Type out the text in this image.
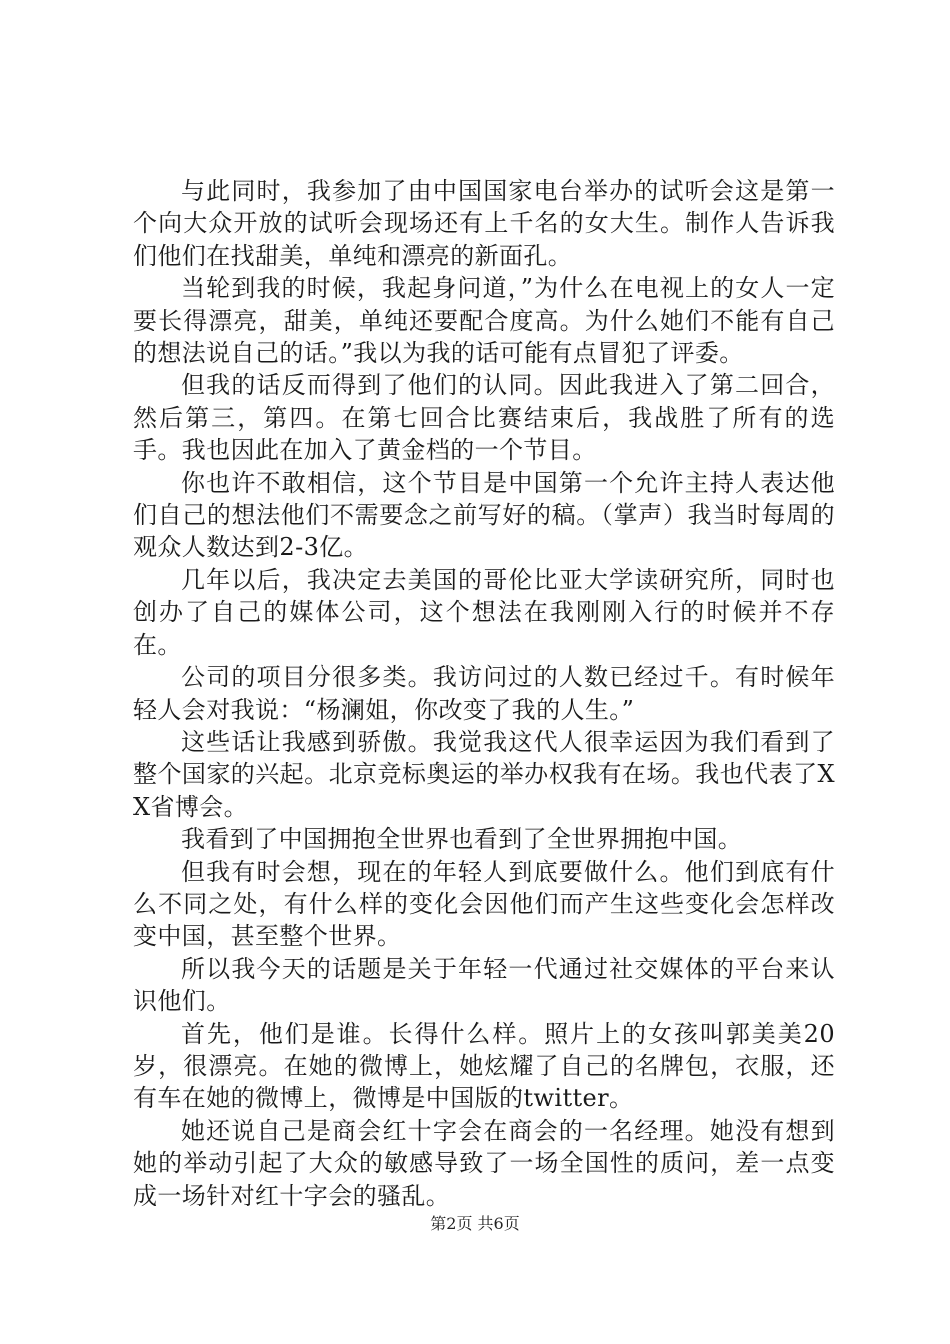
与此同时，我参加了由中国国家电台举办的试听会这是第一个向大众开放的试听会现场还有上千名的女大生。制作人告诉我们他们在找甜美，单纯和漂亮的新面孔。

当轮到我的时候，我起身问道，”为什么在电视上的女人一定要长得漂亮，甜美，单纯还要配合度高。为什么她们不能有自己的想法说自己的话。”我以为我的话可能有点冒犯了评委。

但我的话反而得到了他们的认同。因此我进入了第二回合，然后第三，第四。在第七回合比赛结束后，我战胜了所有的选手。我也因此在加入了黄金档的一个节目。

你也许不敢相信，这个节目是中国第一个允许主持人表达他们自己的想法他们不需要念之前写好的稿。（掌声）我当时每周的观众人数达到2-3亿。

几年以后，我决定去美国的哥伦比亚大学读研究所，同时也创办了自己的媒体公司，这个想法在我刚刚入行的时候并不存在。

公司的项目分很多类。我访问过的人数已经过千。有时候年轻人会对我说：“杨澜姐，你改变了我的人生。”

这些话让我感到骄傲。我觉我这代人很幸运因为我们看到了整个国家的兴起。北京竞标奥运的举办权我有在场。我也代表了XX省博会。

我看到了中国拥抱全世界也看到了全世界拥抱中国。

但我有时会想，现在的年轻人到底要做什么。他们到底有什么不同之处，有什么样的变化会因他们而产生这些变化会怎样改变中国，甚至整个世界。

所以我今天的话题是关于年轻一代通过社交媒体的平台来认识他们。

首先，他们是谁。长得什么样。照片上的女孩叫郭美美20岁，很漂亮。在她的微博上，她炫耀了自己的名牌包，衣服，还有车在她的微博上，微博是中国版的twitter。

她还说自己是商会红十字会在商会的一名经理。她没有想到她的举动引起了大众的敏感导致了一场全国性的质问，差一点变成一场针对红十字会的骚乱。

第2页 共6页
